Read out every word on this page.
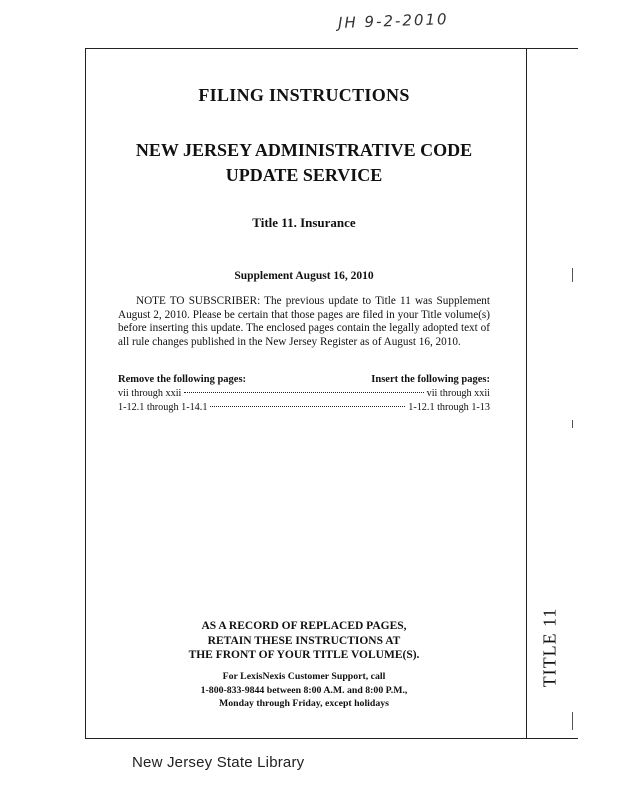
JH 9-2-2010
TITLE 11
FILING INSTRUCTIONS
NEW JERSEY ADMINISTRATIVE CODE
UPDATE SERVICE
Title 11. Insurance
Supplement August 16, 2010

NOTE TO SUBSCRIBER: The previous update to Title 11 was Supplement August 2, 2010. Please be certain that those pages are filed in your Title volume(s) before inserting this update. The enclosed pages contain the legally adopted text of all rule changes published in the New Jersey Register as of August 16, 2010.

Remove the following pages:	Insert the following pages:
vii through xxii	vii through xxii
1-12.1 through 1-14.1	1-12.1 through 1-13
AS A RECORD OF REPLACED PAGES,
RETAIN THESE INSTRUCTIONS AT
THE FRONT OF YOUR TITLE VOLUME(S).
For LexisNexis Customer Support, call
1-800-833-9844 between 8:00 A.M. and 8:00 P.M.,
Monday through Friday, except holidays
New Jersey State Library
